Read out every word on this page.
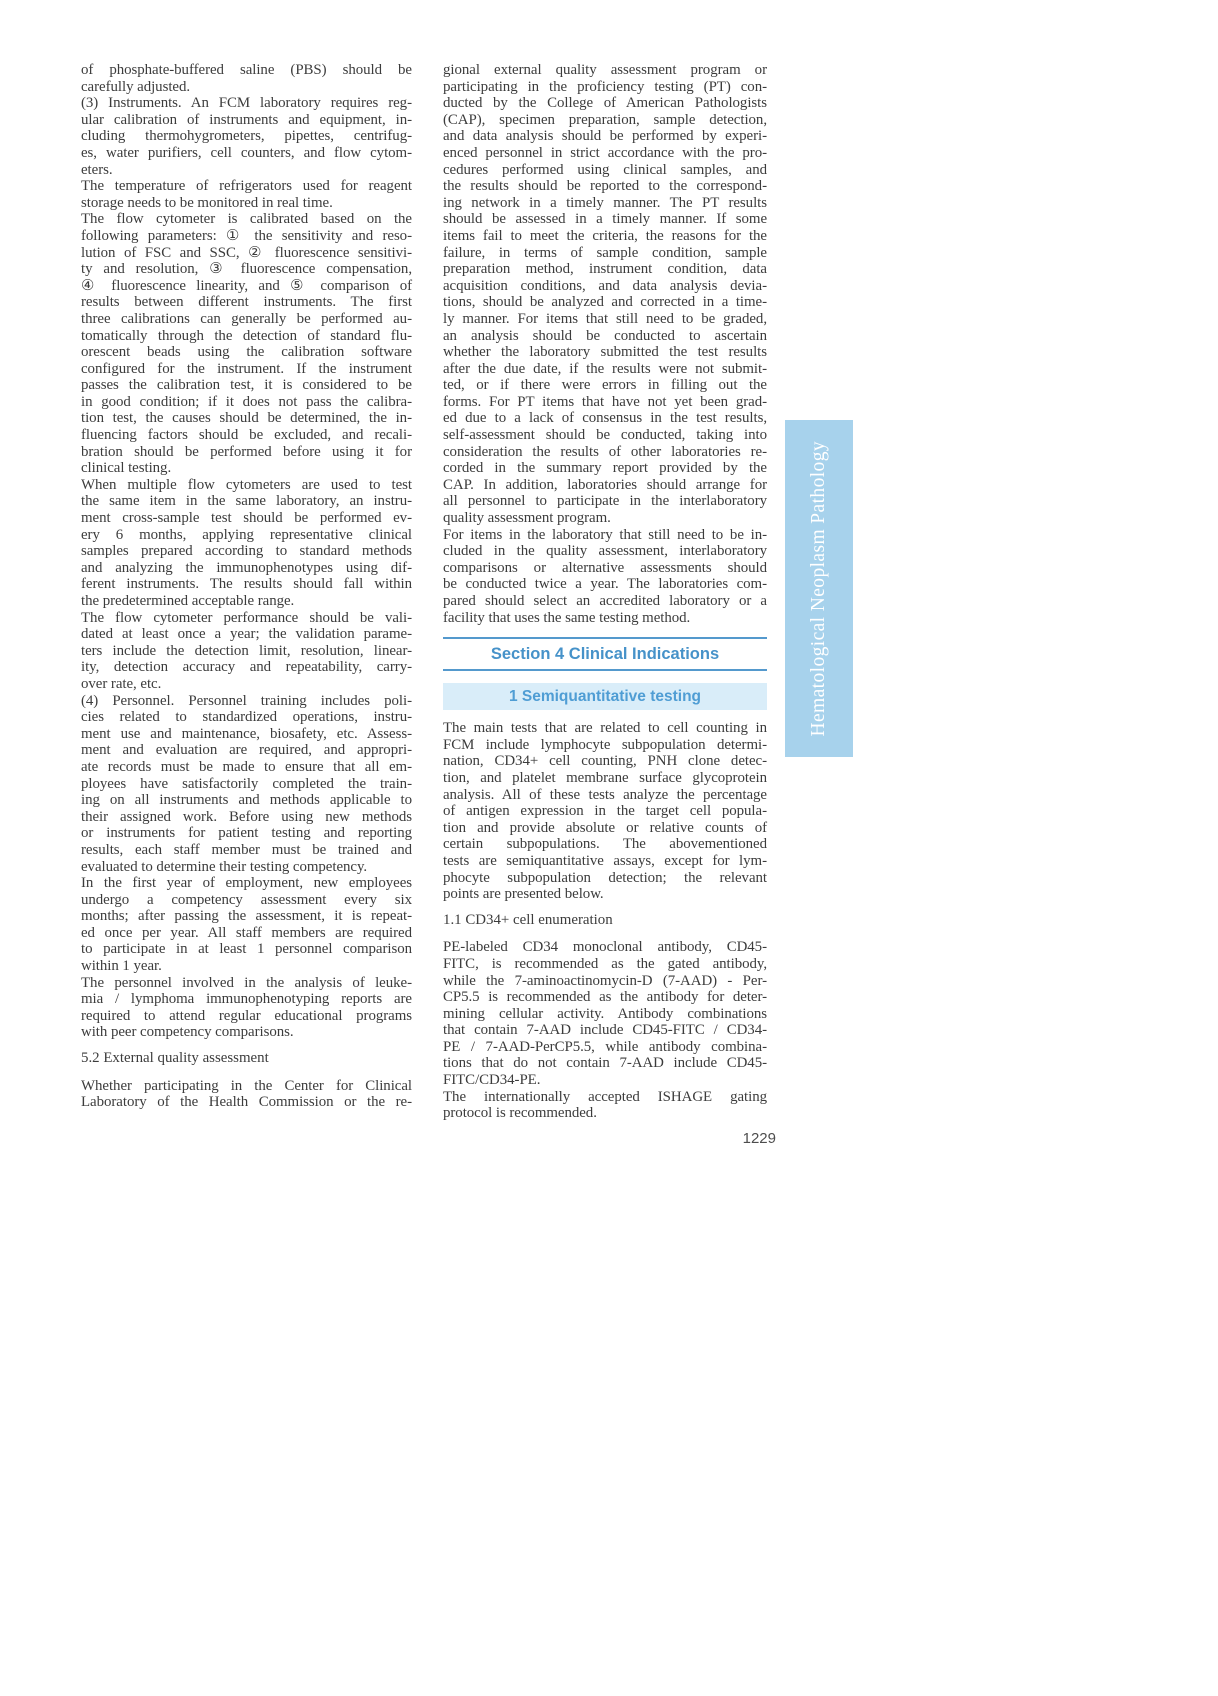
of phosphate-buffered saline (PBS) should be
carefully adjusted.
(3) Instruments. An FCM laboratory requires reg-
ular calibration of instruments and equipment, in-
cluding thermohygrometers, pipettes, centrifug-
es, water purifiers, cell counters, and flow cytom-
eters.
The temperature of refrigerators used for reagent
storage needs to be monitored in real time.
The flow cytometer is calibrated based on the
following parameters: ① the sensitivity and reso-
lution of FSC and SSC, ② fluorescence sensitivi-
ty and resolution, ③ fluorescence compensation,
④ fluorescence linearity, and ⑤ comparison of
results between different instruments. The first
three calibrations can generally be performed au-
tomatically through the detection of standard flu-
orescent beads using the calibration software
configured for the instrument. If the instrument
passes the calibration test, it is considered to be
in good condition; if it does not pass the calibra-
tion test, the causes should be determined, the in-
fluencing factors should be excluded, and recali-
bration should be performed before using it for
clinical testing.
When multiple flow cytometers are used to test
the same item in the same laboratory, an instru-
ment cross-sample test should be performed ev-
ery 6 months, applying representative clinical
samples prepared according to standard methods
and analyzing the immunophenotypes using dif-
ferent instruments. The results should fall within
the predetermined acceptable range.
The flow cytometer performance should be vali-
dated at least once a year; the validation parame-
ters include the detection limit, resolution, linear-
ity, detection accuracy and repeatability, carry-
over rate, etc.
(4) Personnel. Personnel training includes poli-
cies related to standardized operations, instru-
ment use and maintenance, biosafety, etc. Assess-
ment and evaluation are required, and appropri-
ate records must be made to ensure that all em-
ployees have satisfactorily completed the train-
ing on all instruments and methods applicable to
their assigned work. Before using new methods
or instruments for patient testing and reporting
results, each staff member must be trained and
evaluated to determine their testing competency.
In the first year of employment, new employees
undergo a competency assessment every six
months; after passing the assessment, it is repeat-
ed once per year. All staff members are required
to participate in at least 1 personnel comparison
within 1 year.
The personnel involved in the analysis of leuke-
mia / lymphoma immunophenotyping reports are
required to attend regular educational programs
with peer competency comparisons.
5.2 External quality assessment
Whether participating in the Center for Clinical
Laboratory of the Health Commission or the re-
gional external quality assessment program or
participating in the proficiency testing (PT) con-
ducted by the College of American Pathologists
(CAP), specimen preparation, sample detection,
and data analysis should be performed by experi-
enced personnel in strict accordance with the pro-
cedures performed using clinical samples, and
the results should be reported to the correspond-
ing network in a timely manner. The PT results
should be assessed in a timely manner. If some
items fail to meet the criteria, the reasons for the
failure, in terms of sample condition, sample
preparation method, instrument condition, data
acquisition conditions, and data analysis devia-
tions, should be analyzed and corrected in a time-
ly manner. For items that still need to be graded,
an analysis should be conducted to ascertain
whether the laboratory submitted the test results
after the due date, if the results were not submit-
ted, or if there were errors in filling out the
forms. For PT items that have not yet been grad-
ed due to a lack of consensus in the test results,
self-assessment should be conducted, taking into
consideration the results of other laboratories re-
corded in the summary report provided by the
CAP. In addition, laboratories should arrange for
all personnel to participate in the interlaboratory
quality assessment program.
For items in the laboratory that still need to be in-
cluded in the quality assessment, interlaboratory
comparisons or alternative assessments should
be conducted twice a year. The laboratories com-
pared should select an accredited laboratory or a
facility that uses the same testing method.
Section 4 Clinical Indications
1 Semiquantitative testing
The main tests that are related to cell counting in
FCM include lymphocyte subpopulation determi-
nation, CD34+ cell counting, PNH clone detec-
tion, and platelet membrane surface glycoprotein
analysis. All of these tests analyze the percentage
of antigen expression in the target cell popula-
tion and provide absolute or relative counts of
certain subpopulations. The abovementioned
tests are semiquantitative assays, except for lym-
phocyte subpopulation detection; the relevant
points are presented below.
1.1 CD34+ cell enumeration
PE-labeled CD34 monoclonal antibody, CD45-
FITC, is recommended as the gated antibody,
while the 7-aminoactinomycin-D (7-AAD) - Per-
CP5.5 is recommended as the antibody for deter-
mining cellular activity. Antibody combinations
that contain 7-AAD include CD45-FITC / CD34-
PE / 7-AAD-PerCP5.5, while antibody combina-
tions that do not contain 7-AAD include CD45-
FITC/CD34-PE.
The internationally accepted ISHAGE gating
protocol is recommended.
Hematological Neoplasm Pathology
1229
